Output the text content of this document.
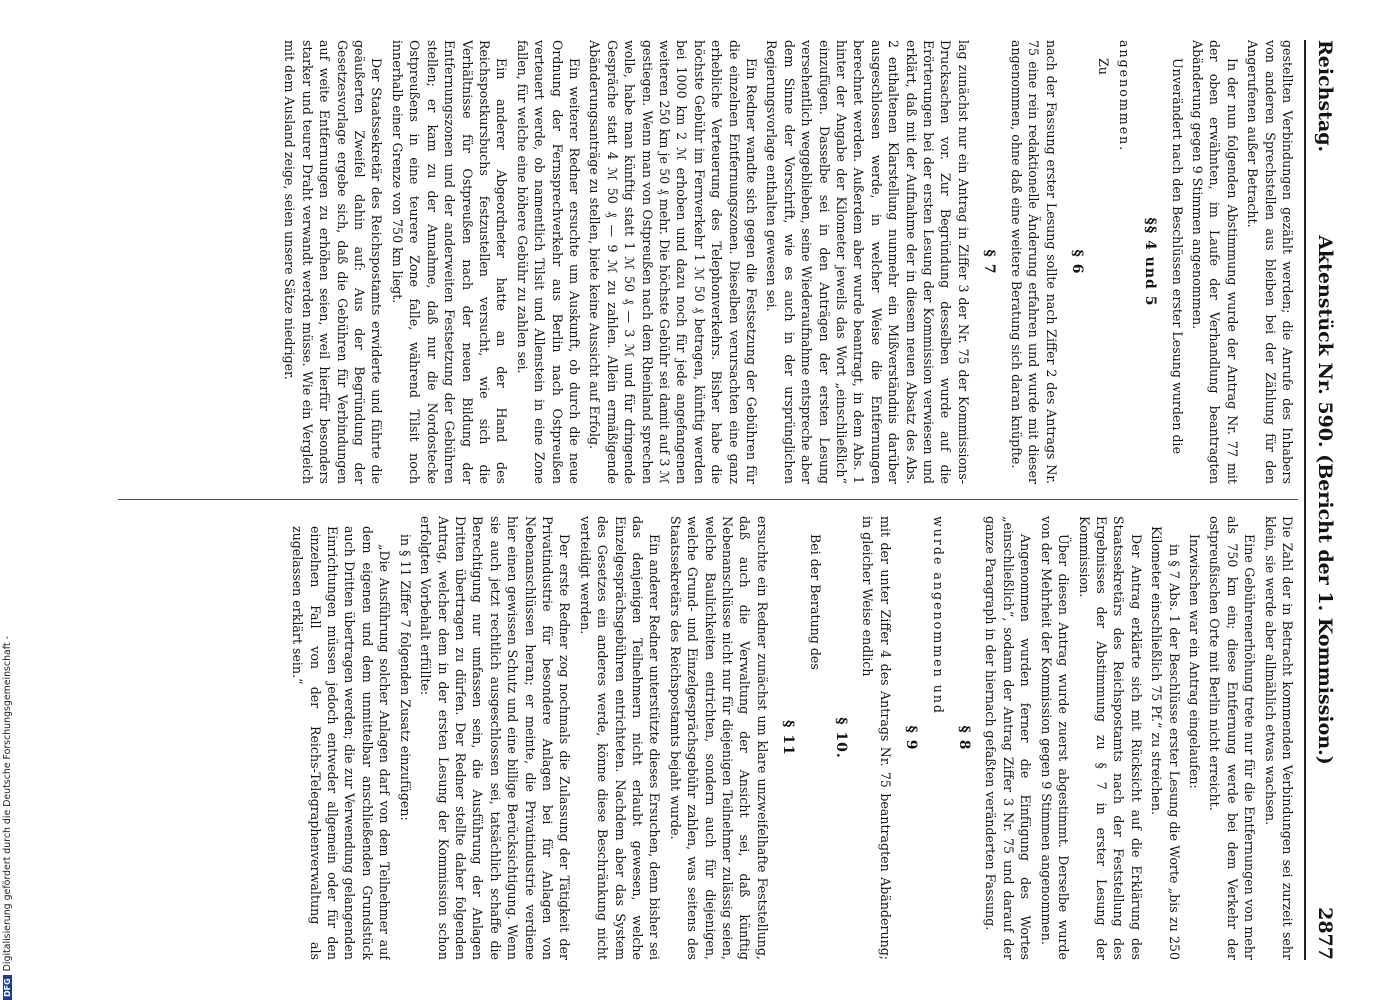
Aktenstück Nr. 590. (Bericht der 1. Kommission.)
Reichstag.
2877

gestellten Verbindungen gezählt werden; die Anrufe des Inhabers von anderen Sprechstellen aus bleiben bei der Zählung für den Angerufenen außer Betracht.

In der nun folgenden Abstimmung wurde der Antrag Nr. 77 mit der oben erwähnten, im Laufe der Verhandlung beantragten Abänderung gegen 9 Stimmen angenommen.

Unverändert nach den Beschlüssen erster Lesung wurden die

§§ 4 und 5

angenommen.

Zu

§ 6

nach der Fassung erster Lesung sollte nach Ziffer 2 des Antrags Nr. 75 eine rein redaktionelle Änderung erfahren und wurde mit dieser angenommen, ohne daß eine weitere Beratung sich daran knüpfte.

§ 7

lag zunächst nur ein Antrag in Ziffer 3 der Nr. 75 der Kommissions-Drucksachen vor. Zur Begründung desselben wurde auf die Erörterungen bei der ersten Lesung der Kommission verwiesen und erklärt, daß mit der Aufnahme der in diesem neuen Absatz des Abs. 2 enthaltenen Klarstellung nunmehr ein Mißverständnis darüber ausgeschlossen werde, in welcher Weise die Entfernungen berechnet werden. Außerdem aber wurde beantragt, in dem Abs. 1 hinter der Angabe der Kilometer jeweils das Wort „einschließlich“ einzufügen. Dasselbe sei in den Anträgen der ersten Lesung versehentlich weggeblieben, seine Wiederaufnahme entspreche aber dem Sinne der Vorschrift, wie es auch in der ursprünglichen Regierungsvorlage enthalten gewesen sei.

Ein Redner wandte sich gegen die Festsetzung der Gebühren für die einzelnen Entfernungszonen. Dieselben verursachten eine ganz erhebliche Verteuerung des Telephonverkehrs. Bisher habe die höchste Gebühr im Fernverkehr 1 ℳ 50 ₰ betragen, künftig werden bei 1000 km 2 ℳ erhoben und dazu noch für jede angefangenen weiteren 250 km je 50 ₰ mehr. Die höchste Gebühr sei damit auf 3 ℳ gestiegen. Wenn man von Ostpreußen nach dem Rheinland sprechen wolle, habe man künftig statt 1 ℳ 50 ₰ — 3 ℳ und für dringende Gespräche statt 4 ℳ 50 ₰ — 9 ℳ zu zahlen. Allein ermäßigende Abänderungsanträge zu stellen, biete keine Aussicht auf Erfolg.

Ein weiterer Redner ersuchte um Auskunft, ob durch die neue Ordnung der Fernsprechverkehr aus Berlin nach Ostpreußen verteuert werde, ob namentlich Tilsit und Allenstein in eine Zone fallen, für welche eine höhere Gebühr zu zahlen sei.

Ein anderer Abgeordneter hatte an der Hand des Reichspostkursbuchs festzustellen versucht, wie sich die Verhältnisse für Ostpreußen nach der neuen Bildung der Entfernungszonen und der anderweiten Festsetzung der Gebühren stellen; er kam zu der Annahme, daß nur die Nordostecke Ostpreußens in eine teurere Zone falle, während Tilsit noch innerhalb einer Grenze von 750 km liegt.

Der Staatssekretär des Reichspostamts erwiderte und führte die geäußerten Zweifel dahin auf: Aus der Begründung der Gesetzesvorlage ergebe sich, daß die Gebühren für Verbindungen auf weite Entfernungen zu erhöhen seien, weil hierfür besonders starker und teurer Draht verwandt werden müsse. Wie ein Vergleich mit dem Ausland zeige, seien unsere Sätze niedriger.

Die Zahl der in Betracht kommenden Verbindungen sei zurzeit sehr klein, sie werde aber allmählich etwas wachsen.

Eine Gebührenerhöhung trete nur für die Entfernungen von mehr als 750 km ein; diese Entfernung werde bei dem Verkehr der ostpreußischen Orte mit Berlin nicht erreicht.

Inzwischen war ein Antrag eingelaufen:

in § 7 Abs. 1 der Beschlüsse erster Lesung die Worte „bis zu 250 Kilometer einschließlich 75 Pf.“ zu streichen.

Der Antrag erklärte sich mit Rücksicht auf die Erklärung des Staatssekretärs des Reichspostamts nach der Feststellung des Ergebnisses der Abstimmung zu § 7 in erster Lesung der Kommission.

Über diesen Antrag wurde zuerst abgestimmt. Derselbe wurde von der Mehrheit der Kommission gegen 9 Stimmen angenommen.

Angenommen wurden ferner die Einfügung des Wortes „einschließlich“, sodann der Antrag Ziffer 3 Nr. 75 und darauf der ganze Paragraph in der hiernach gefaßten veränderten Fassung.

§ 8

wurde angenommen und

§ 9

mit der unter Ziffer 4 des Antrags Nr. 75 beantragten Abänderung; in gleicher Weise endlich

§ 10.

Bei der Beratung des

§ 11

ersuchte ein Redner zunächst um klare unzweifelhafte Feststellung, daß auch die Verwaltung der Ansicht sei, daß künftig Nebenanschlüsse nicht nur für diejenigen Teilnehmer zulässig seien, welche Baulichkeiten entrichten, sondern auch für diejenigen, welche Grund- und Einzelgesprächsgebühr zahlen, was seitens des Staatssekretärs des Reichspostamts bejaht wurde.

Ein anderer Redner unterstützte dieses Ersuchen, denn bisher sei das denjenigen Teilnehmern nicht erlaubt gewesen, welche Einzelgesprächsgebühren entrichteten. Nachdem aber das System des Gesetzes ein anderes werde, könne diese Beschränkung nicht verteidigt werden.

Der erste Redner zog nochmals die Zulassung der Tätigkeit der Privatindustrie für besondere Anlagen bei für Anlagen von Nebenanschlüssen heran; er meinte, die Privatindustrie verdiene hier einen gewissen Schutz und eine billige Berücksichtigung. Wenn sie auch jetzt rechtlich ausgeschlossen sei, tatsächlich schaffe die Berechtigung nur umfassen sein, die Ausführung der Anlagen Dritten übertragen zu dürfen. Der Redner stellte daher folgenden Antrag, welcher dem in der ersten Lesung der Kommission schon erfolgten Vorbehalt erfüllte:

in § 11 Ziffer 7 folgenden Zusatz einzufügen:

„Die Ausführung solcher Anlagen darf von dem Teilnehmer auf dem eigenen und dem unmittelbar anschließenden Grundstück auch Dritten übertragen werden; die zur Verwendung gelangenden Einrichtungen müssen jedoch entweder allgemein oder für den einzelnen Fall von der Reichs-Telegraphenverwaltung als zugelassen erklärt sein.“

DFGDigitalisierung gefördert durch die Deutsche Forschungsgemeinschaft -
